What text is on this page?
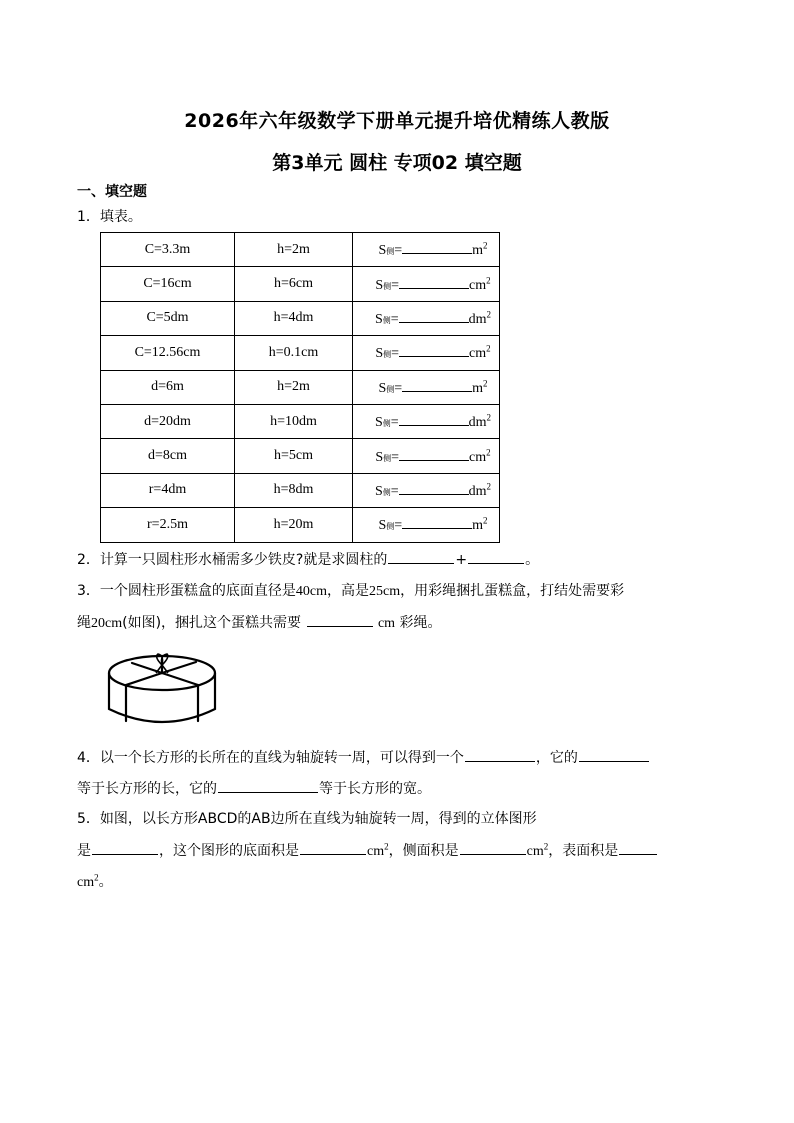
2026年六年级数学下册单元提升培优精练人教版
第3单元 圆柱 专项02 填空题
一、填空题
1．填表。
C=3.3m	h=2m	S侧= $m^2$
C=16cm	h=6cm	S侧= $cm^2$
C=5dm	h=4dm	S侧= $dm^2$
C=12.56cm	h=0.1cm	S侧= $cm^2$
d=6m	h=2m	S侧= $m^2$
d=20dm	h=10dm	S侧= $dm^2$
d=8cm	h=5cm	S侧= $cm^2$
r=4dm	h=8dm	S侧= $dm^2$
r=2.5m	h=20m	S侧= $m^2$
2．计算一只圆柱形水桶需多少铁皮?就是求圆柱的	+	。
3．一个圆柱形蛋糕盒的底面直径是40cm，高是25cm，用彩绳捆扎蛋糕盒，打结处需要彩
绳20cm(如图)，捆扎这个蛋糕共需要	cm 彩绳。
4．以一个长方形的长所在的直线为轴旋转一周，可以得到一个	，它的
等于长方形的长，它的	等于长方形的宽。
5．如图，以长方形ABCD的AB边所在直线为轴旋转一周，得到的立体图形
是	，这个图形的底面积是	$cm^2$，侧面积是	$cm^2$，表面积是
$cm^2$。
